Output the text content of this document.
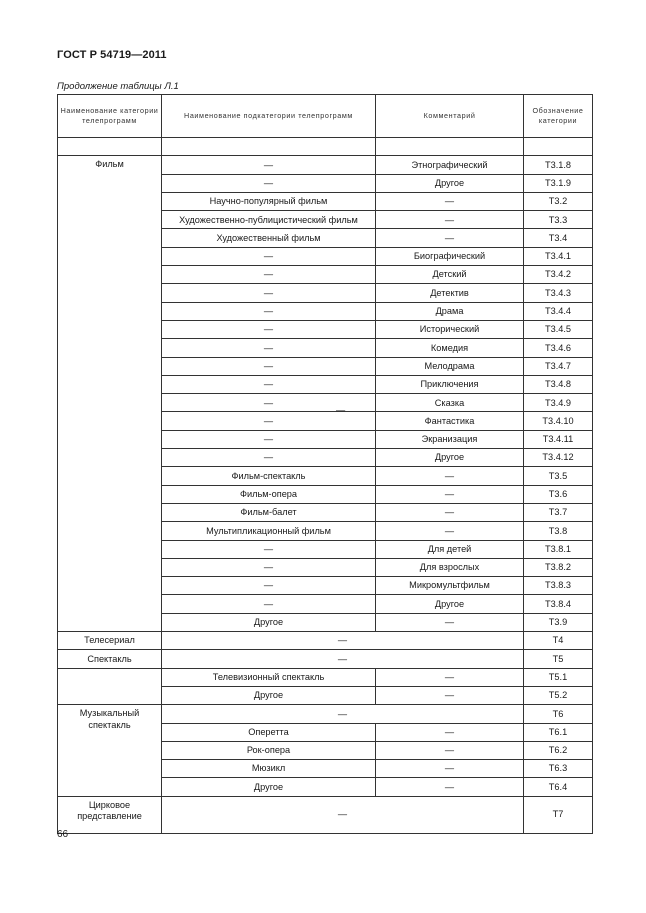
ГОСТ Р 54719—2011
Продолжение таблицы Л.1
Наименование категории телепрограмм	Наименование подкатегории телепрограмм	Комментарий	Обозначение категории

Фильм	—	Этнографический	Т3.1.8
	—	Другое	Т3.1.9
	Научно-популярный фильм	—	Т3.2
	Художественно-публицистический фильм	—	Т3.3
	Художественный фильм	—	Т3.4
	—	Биографический	Т3.4.1
	—	Детский	Т3.4.2
	—	Детектив	Т3.4.3
	—	Драма	Т3.4.4
	—	Исторический	Т3.4.5
	—	Комедия	Т3.4.6
	—	Мелодрама	Т3.4.7
	—	Приключения	Т3.4.8
	—	Сказка	Т3.4.9
	—	Фантастика	Т3.4.10
	—	Экранизация	Т3.4.11
	—	Другое	Т3.4.12
	Фильм-спектакль	—	Т3.5
	Фильм-опера	—	Т3.6
	Фильм-балет	—	Т3.7
	Мультипликационный фильм	—	Т3.8
	—	Для детей	Т3.8.1
	—	Для взрослых	Т3.8.2
	—	Микромультфильм	Т3.8.3
	—	Другое	Т3.8.4
	Другое	—	Т3.9
Телесериал	—		Т4
Спектакль	—		Т5
	Телевизионный спектакль	—	Т5.1
	Другое	—	Т5.2
Музыкальный спектакль	—		Т6
	Оперетта	—	Т6.1
	Рок-опера	—	Т6.2
	Мюзикл	—	Т6.3
	Другое	—	Т6.4
Цирковое представление	—		Т7
—
66
